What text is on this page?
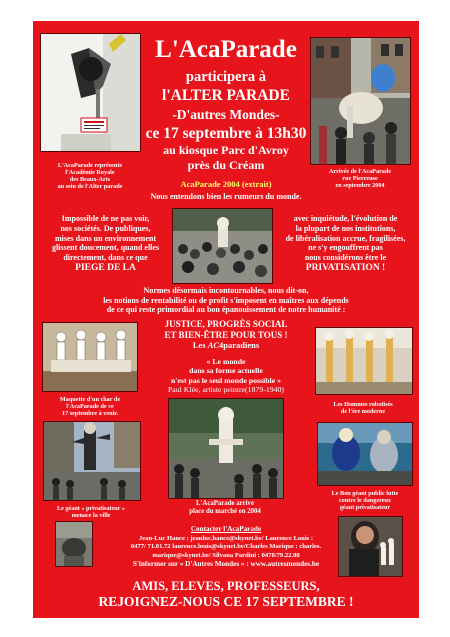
L'AcaParade
participera à
l'ALTER PARADE
-D'autres Mondes-
ce 17 septembre à 13h30
au kiosque Parc d'Avroy
près du Créam
L'AcaParade représente
l'Académie Royale
des Beaux-Arts
au sein de l'Alter parade
Arrivée de l'AcaParade
rue Pierreuse
en septembre 2004
AcaParade 2004 (extrait)
Nous entendons bien les rumeurs du monde.
Impossible de ne pas voir,
nos sociétés. De publiques,
mises dans un environnement
glissent doucement, quand elles
directement, dans ce que
PIEGE DE LA
avec inquiétude, l'évolution de
la plupart de nos institutions,
de libéralisation accrue, fragilisées,
ne s'y engouffrent pas
nous considérons être le
PRIVATISATION !
Normes désormais incontournables, nous dit-on,
les notions de rentabilité ou de profit s'imposent en maîtres aux dépends
de ce qui reste primordial au bon épanouissement de notre humanité :
JUSTICE, PROGRÈS SOCIAL
ET BIEN-ÊTRE POUR TOUS !
Les AC4paradiens
« Le monde
dans sa forme actuelle
n'est pas le seul monde possible »
Paul Klée, artiste peintre(1879-1940)
Maquette d'un char de
l'AcaParade de ce
17 septembre à venir.
Les Hommes robotisés
de l'ère moderne
Le géant « privatisateur »
menace la ville
L'AcaParade arrive
place du marché en 2004
Le Bon géant public lutte
contre le dangereux
géant privatisateur
Contacter l'AcaParade
Jean-Luc Hance : jeanluc.hance@skynet.be/ Laurence Louis :
0477/ 71.01.72 laurence.louis@skynet.be/Charles Marique : charles.
marique@skynet.be/ Silvana Pardini : 0478/79.22.08
S'informer sur « D'Autres Mondes » : www.autresmondes.be
AMIS, ELEVES, PROFESSEURS,
REJOIGNEZ-NOUS CE 17 SEPTEMBRE !
